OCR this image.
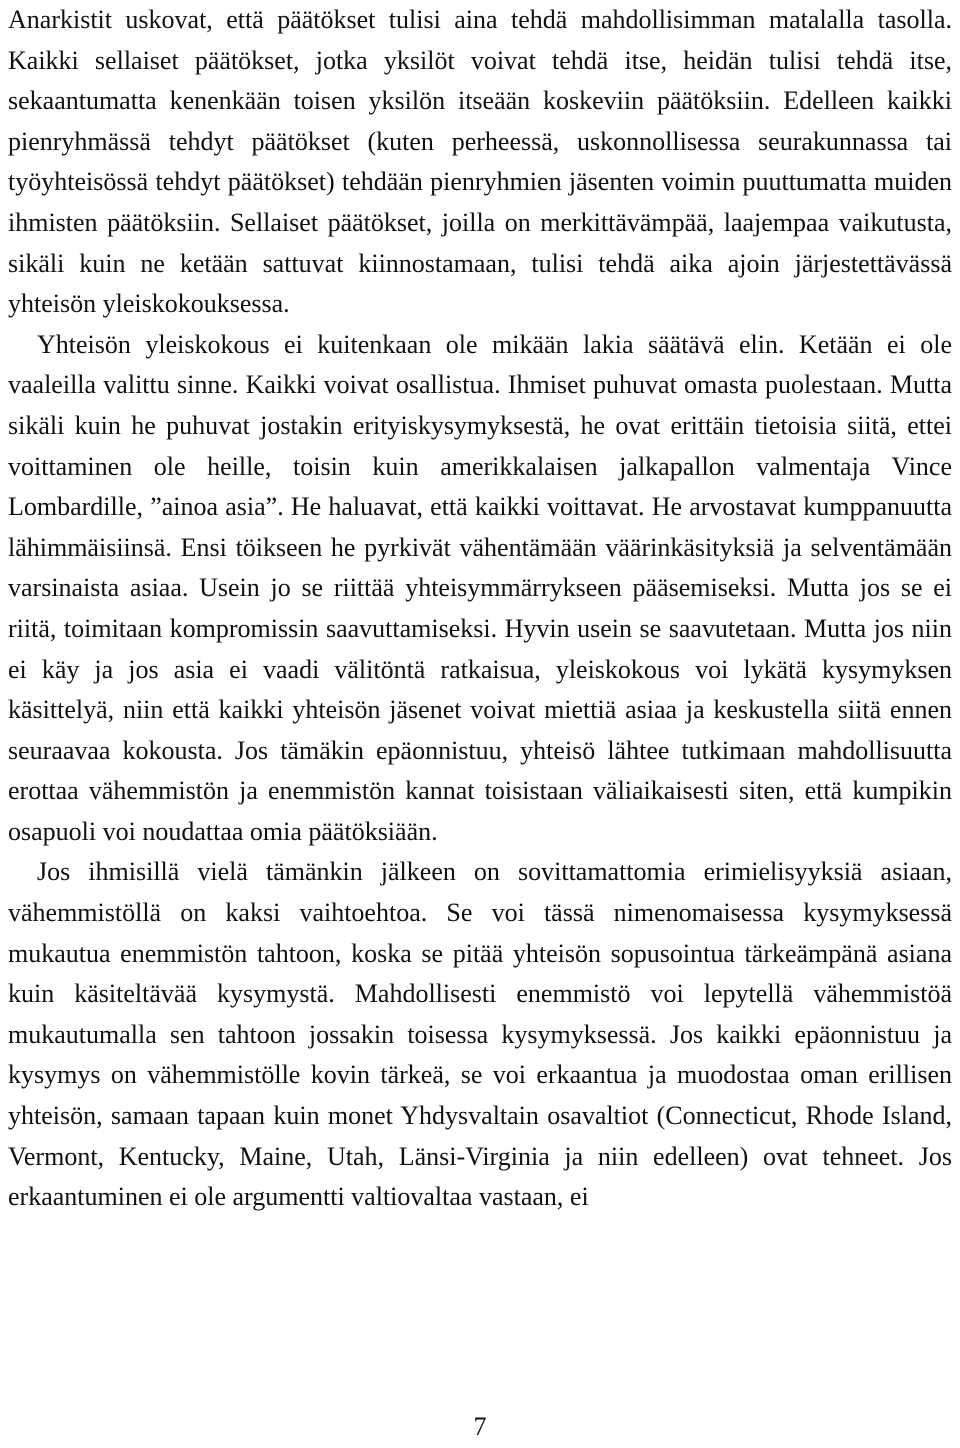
Anarkistit uskovat, että päätökset tulisi aina tehdä mahdollisimman matalalla tasolla. Kaikki sellaiset päätökset, jotka yksilöt voivat tehdä itse, heidän tulisi tehdä itse, sekaantumatta kenenkään toisen yksilön itseään koskeviin päätöksiin. Edelleen kaikki pienryhmässä tehdyt päätökset (kuten perheessä, uskonnollisessa seurakunnassa tai työyhteisössä tehdyt päätökset) tehdään pienryhmien jäsenten voimin puuttumatta muiden ihmisten päätöksiin. Sellaiset päätökset, joilla on merkittävämpää, laajempaa vaikutusta, sikäli kuin ne ketään sattuvat kiinnostamaan, tulisi tehdä aika ajoin järjestettävässä yhteisön yleiskokouksessa.

Yhteisön yleiskokous ei kuitenkaan ole mikään lakia säätävä elin. Ketään ei ole vaaleilla valittu sinne. Kaikki voivat osallistua. Ihmiset puhuvat omasta puolestaan. Mutta sikäli kuin he puhuvat jostakin erityiskysymyksestä, he ovat erittäin tietoisia siitä, ettei voittaminen ole heille, toisin kuin amerikkalaisen jalkapallon valmentaja Vince Lombardille, ”ainoa asia”. He haluavat, että kaikki voittavat. He arvostavat kumppanuutta lähimmäisiinsä. Ensi töikseen he pyrkivät vähentämään väärinkäsityksiä ja selventämään varsinaista asiaa. Usein jo se riittää yhteisymmärrykseen pääsemiseksi. Mutta jos se ei riitä, toimitaan kompromissin saavuttamiseksi. Hyvin usein se saavutetaan. Mutta jos niin ei käy ja jos asia ei vaadi välitöntä ratkaisua, yleiskokous voi lykätä kysymyksen käsittelyä, niin että kaikki yhteisön jäsenet voivat miettiä asiaa ja keskustella siitä ennen seuraavaa kokousta. Jos tämäkin epäonnistuu, yhteisö lähtee tutkimaan mahdollisuutta erottaa vähemmistön ja enemmistön kannat toisistaan väliaikaisesti siten, että kumpikin osapuoli voi noudattaa omia päätöksiään.

Jos ihmisillä vielä tämänkin jälkeen on sovittamattomia erimielisyyksiä asiaan, vähemmistöllä on kaksi vaihtoehtoa. Se voi tässä nimenomaisessa kysymyksessä mukautua enemmistön tahtoon, koska se pitää yhteisön sopusointua tärkeämpänä asiana kuin käsiteltävää kysymystä. Mahdollisesti enemmistö voi lepytellä vähemmistöä mukautumalla sen tahtoon jossakin toisessa kysymyksessä. Jos kaikki epäonnistuu ja kysymys on vähemmistölle kovin tärkeä, se voi erkaantua ja muodostaa oman erillisen yhteisön, samaan tapaan kuin monet Yhdysvaltain osavaltiot (Connecticut, Rhode Island, Vermont, Kentucky, Maine, Utah, Länsi-Virginia ja niin edelleen) ovat tehneet. Jos erkaantuminen ei ole argumentti valtiovaltaa vastaan, ei

7
